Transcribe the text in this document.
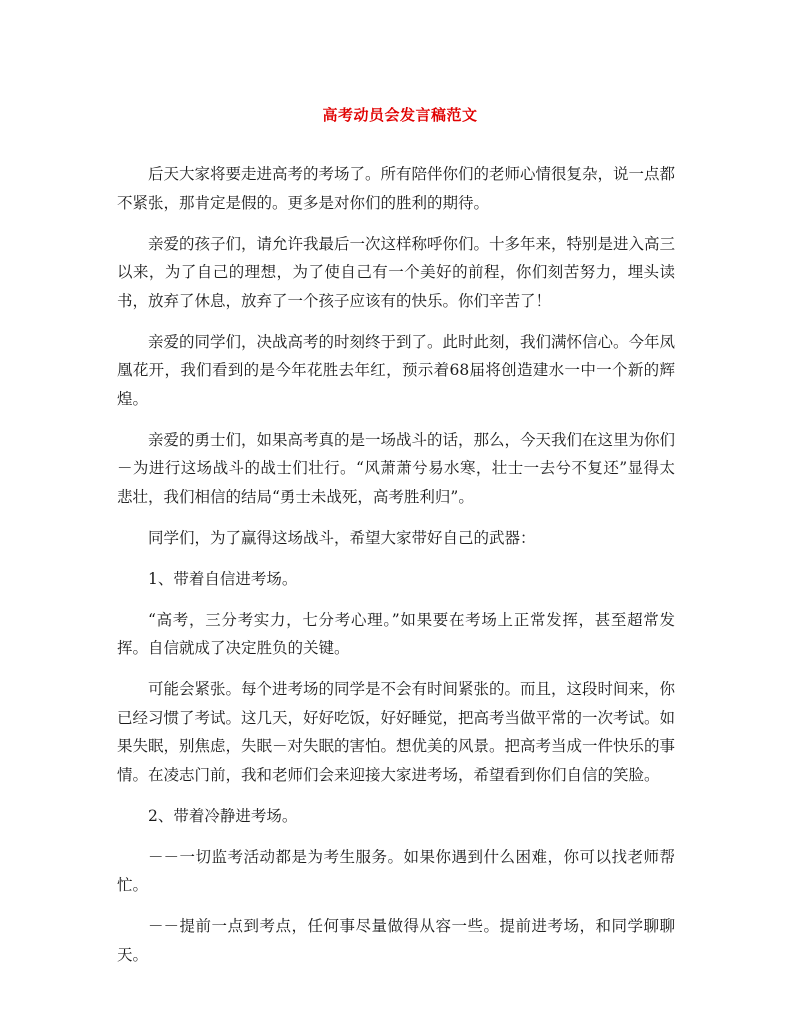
高考动员会发言稿范文

后天大家将要走进高考的考场了。所有陪伴你们的老师心情很复杂，说一点都不紧张，那肯定是假的。更多是对你们的胜利的期待。

亲爱的孩子们，请允许我最后一次这样称呼你们。十多年来，特别是进入高三以来，为了自己的理想，为了使自己有一个美好的前程，你们刻苦努力，埋头读书，放弃了休息，放弃了一个孩子应该有的快乐。你们辛苦了！

亲爱的同学们，决战高考的时刻终于到了。此时此刻，我们满怀信心。今年凤凰花开，我们看到的是今年花胜去年红，预示着68届将创造建水一中一个新的辉煌。

亲爱的勇士们，如果高考真的是一场战斗的话，那么，今天我们在这里为你们－为进行这场战斗的战士们壮行。“风萧萧兮易水寒，壮士一去兮不复还”显得太悲壮，我们相信的结局“勇士未战死，高考胜利归”。

同学们，为了赢得这场战斗，希望大家带好自己的武器：

1、带着自信进考场。

“高考，三分考实力，七分考心理。”如果要在考场上正常发挥，甚至超常发挥。自信就成了决定胜负的关键。

可能会紧张。每个进考场的同学是不会有时间紧张的。而且，这段时间来，你已经习惯了考试。这几天，好好吃饭，好好睡觉，把高考当做平常的一次考试。如果失眠，别焦虑，失眠－对失眠的害怕。想优美的风景。把高考当成一件快乐的事情。在凌志门前，我和老师们会来迎接大家进考场，希望看到你们自信的笑脸。

2、带着冷静进考场。

－－一切监考活动都是为考生服务。如果你遇到什么困难，你可以找老师帮忙。

－－提前一点到考点，任何事尽量做得从容一些。提前进考场，和同学聊聊天。
